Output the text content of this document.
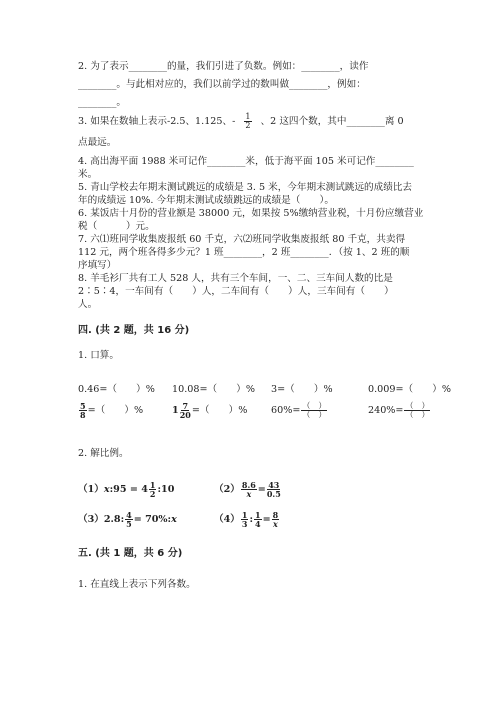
2. 为了表示________的量，我们引进了负数。例如：________，读作
________。与此相对应的，我们以前学过的数叫做________，例如：
________。
3. 如果在数轴上表示-2.5、1.125、- $\frac{1}{2}$ 、2 这四个数，其中________离 0
点最远。
4. 高出海平面 1988 米可记作________米，低于海平面 105 米可记作________
米。
5. 青山学校去年期末测试跳远的成绩是 3. 5 米，今年期末测试跳远的成绩比去
年的成绩远 10%. 今年期末测试成绩跳远的成绩是（　　）。
6. 某饭店十月份的营业额是 38000 元，如果按 5%缴纳营业税，十月份应缴营业
税（　　　）元。
7. 六⑴班同学收集废报纸 60 千克，六⑵班同学收集废报纸 80 千克，共卖得
112 元，两个班各得多少元？1 班________，2 班________．（按 1、2 班的顺
序填写）
8. 羊毛衫厂共有工人 528 人，共有三个车间，一、二、三车间人数的比是
2∶5∶4，一车间有（　　）人，二车间有（　　）人，三车间有（　　）
人。
四. (共 2 题，共 16 分)
1. 口算。
0.46=（　　）% 10.08=（　　）% 3=（　　）%	0.009=（　　）%
$\frac{5}{8}$ =（　　）%	$1 \frac{7}{20}$ =（　　）% $60\%= \frac{( )}{( )}$	$240\%= \frac{( )}{( )}$
2. 解比例。
（1）x:95 = $4 \frac{1}{2}$ :10	$(2) \frac{8.6}{x} = \frac{43}{0.5}$
（3）2.8: $\frac{4}{5}$ = 70%:x	$(4) \frac{1}{3}$ : $\frac{1}{4} = \frac{8}{x}$
五. (共 1 题，共 6 分)
1. 在直线上表示下列各数。
